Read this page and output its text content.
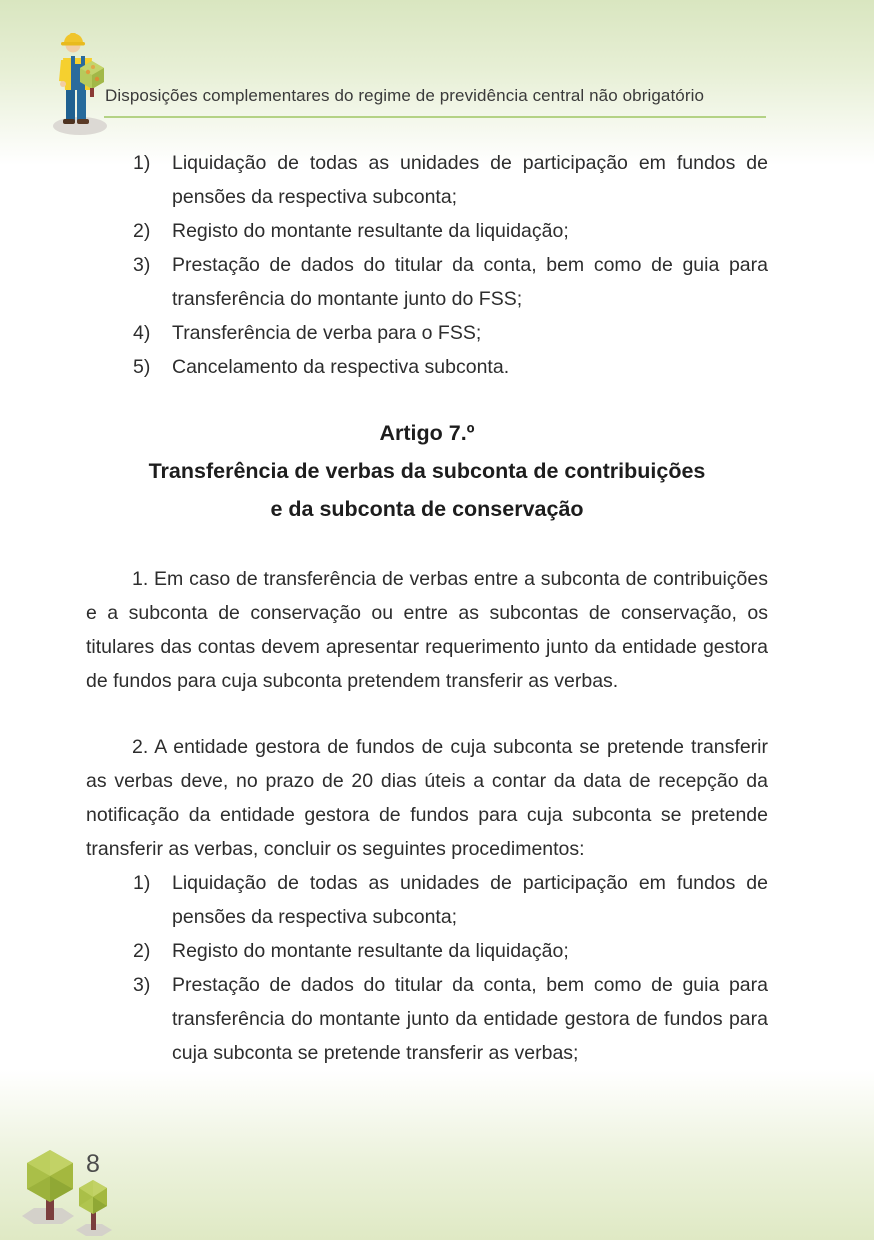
Disposições complementares do regime de previdência central não obrigatório
1)	Liquidação de todas as unidades de participação em fundos de pensões da respectiva subconta;
2)	Registo do montante resultante da liquidação;
3)	Prestação de dados do titular da conta, bem como de guia para transferência do montante junto do FSS;
4)	Transferência de verba para o FSS;
5)	Cancelamento da respectiva subconta.
Artigo 7.º
Transferência de verbas da subconta de contribuições
e da subconta de conservação

1. Em caso de transferência de verbas entre a subconta de contribuições e a subconta de conservação ou entre as subcontas de conservação, os titulares das contas devem apresentar requerimento junto da entidade gestora de fundos para cuja subconta pretendem transferir as verbas.

2. A entidade gestora de fundos de cuja subconta se pretende transferir as verbas deve, no prazo de 20 dias úteis a contar da data de recepção da notificação da entidade gestora de fundos para cuja subconta se pretende transferir as verbas, concluir os seguintes procedimentos:

1)	Liquidação de todas as unidades de participação em fundos de pensões da respectiva subconta;
2)	Registo do montante resultante da liquidação;
3)	Prestação de dados do titular da conta, bem como de guia para transferência do montante junto da entidade gestora de fundos para cuja subconta se pretende transferir as verbas;
8
